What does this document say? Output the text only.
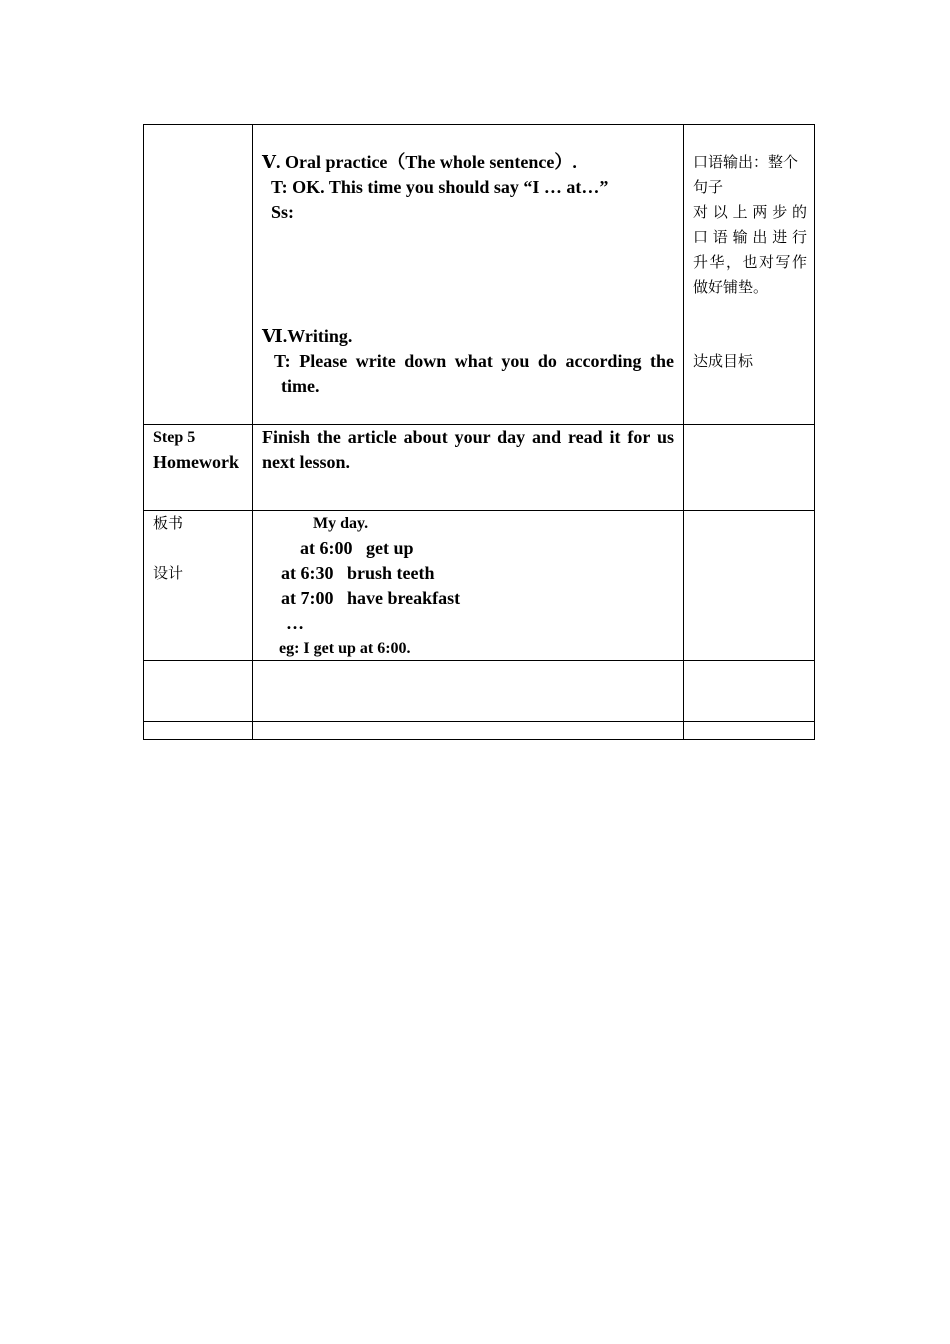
Ⅴ. Oral practice（The whole sentence）.
T: OK. This time you should say “I … at…”
Ss:
Ⅵ.Writing.
T: Please write down what you do according the
time.
口语输出：整个
句子
对以上两步的
口语输出进行
升华，也对写作
做好铺垫。
达成目标
Step 5
Homework
Finish the article about your day and read it for us
next lesson.
板书
设计
My day.
at 6:00   get up
at 6:30   brush teeth
at 7:00   have breakfast
…
eg: I get up at 6:00.
